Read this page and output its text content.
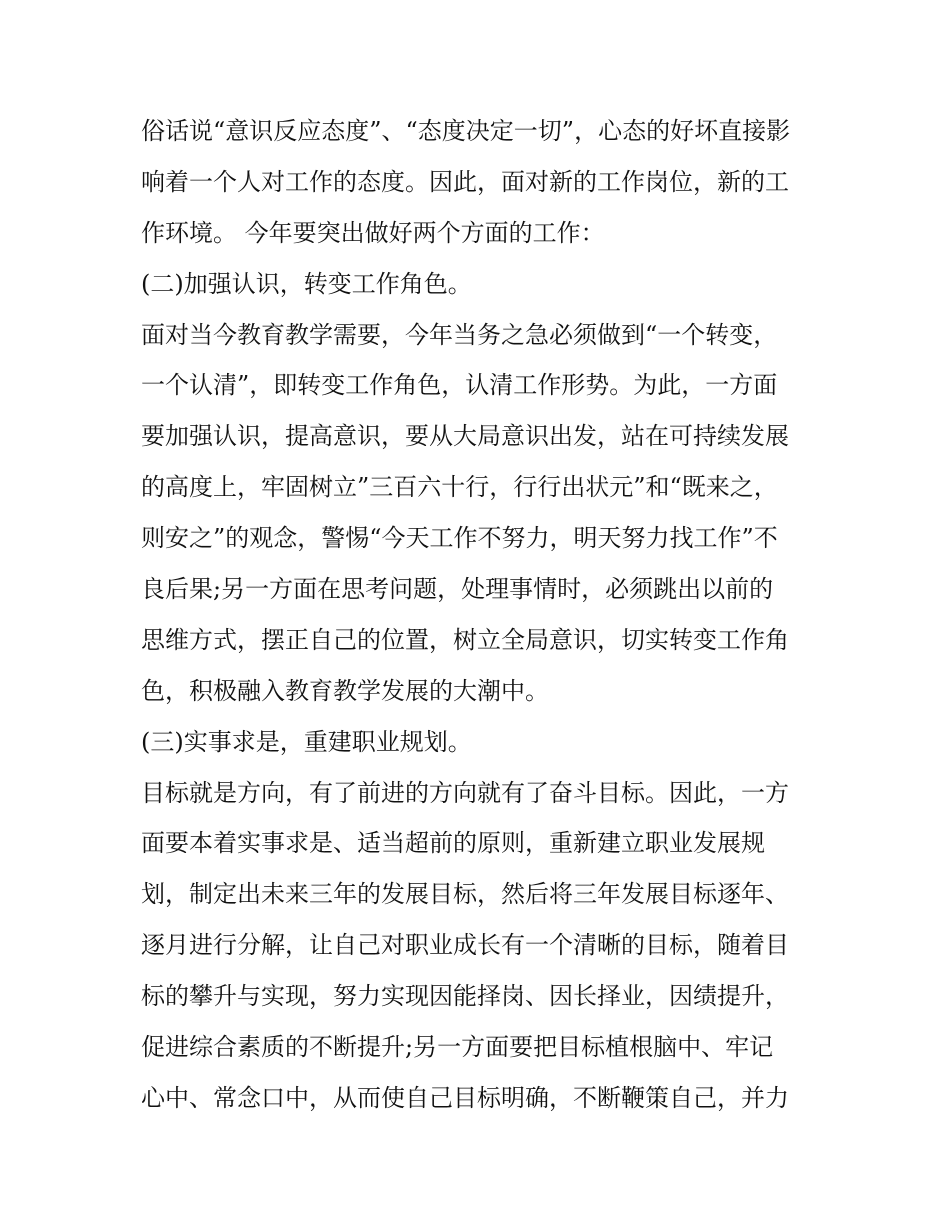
俗话说“意识反应态度”、“态度决定一切”，心态的好坏直接影
响着一个人对工作的态度。因此，面对新的工作岗位，新的工
作环境。 今年要突出做好两个方面的工作：
(二)加强认识，转变工作角色。
面对当今教育教学需要，今年当务之急必须做到“一个转变，
一个认清”，即转变工作角色，认清工作形势。为此，一方面
要加强认识，提高意识，要从大局意识出发，站在可持续发展
的高度上，牢固树立”三百六十行，行行出状元”和“既来之，
则安之”的观念，警惕“今天工作不努力，明天努力找工作”不
良后果;另一方面在思考问题，处理事情时，必须跳出以前的
思维方式，摆正自己的位置，树立全局意识，切实转变工作角
色，积极融入教育教学发展的大潮中。
(三)实事求是，重建职业规划。
目标就是方向，有了前进的方向就有了奋斗目标。因此，一方
面要本着实事求是、适当超前的原则，重新建立职业发展规
划，制定出未来三年的发展目标，然后将三年发展目标逐年、
逐月进行分解，让自己对职业成长有一个清晰的目标，随着目
标的攀升与实现，努力实现因能择岗、因长择业，因绩提升，
促进综合素质的不断提升;另一方面要把目标植根脑中、牢记
心中、常念口中，从而使自己目标明确，不断鞭策自己，并力
